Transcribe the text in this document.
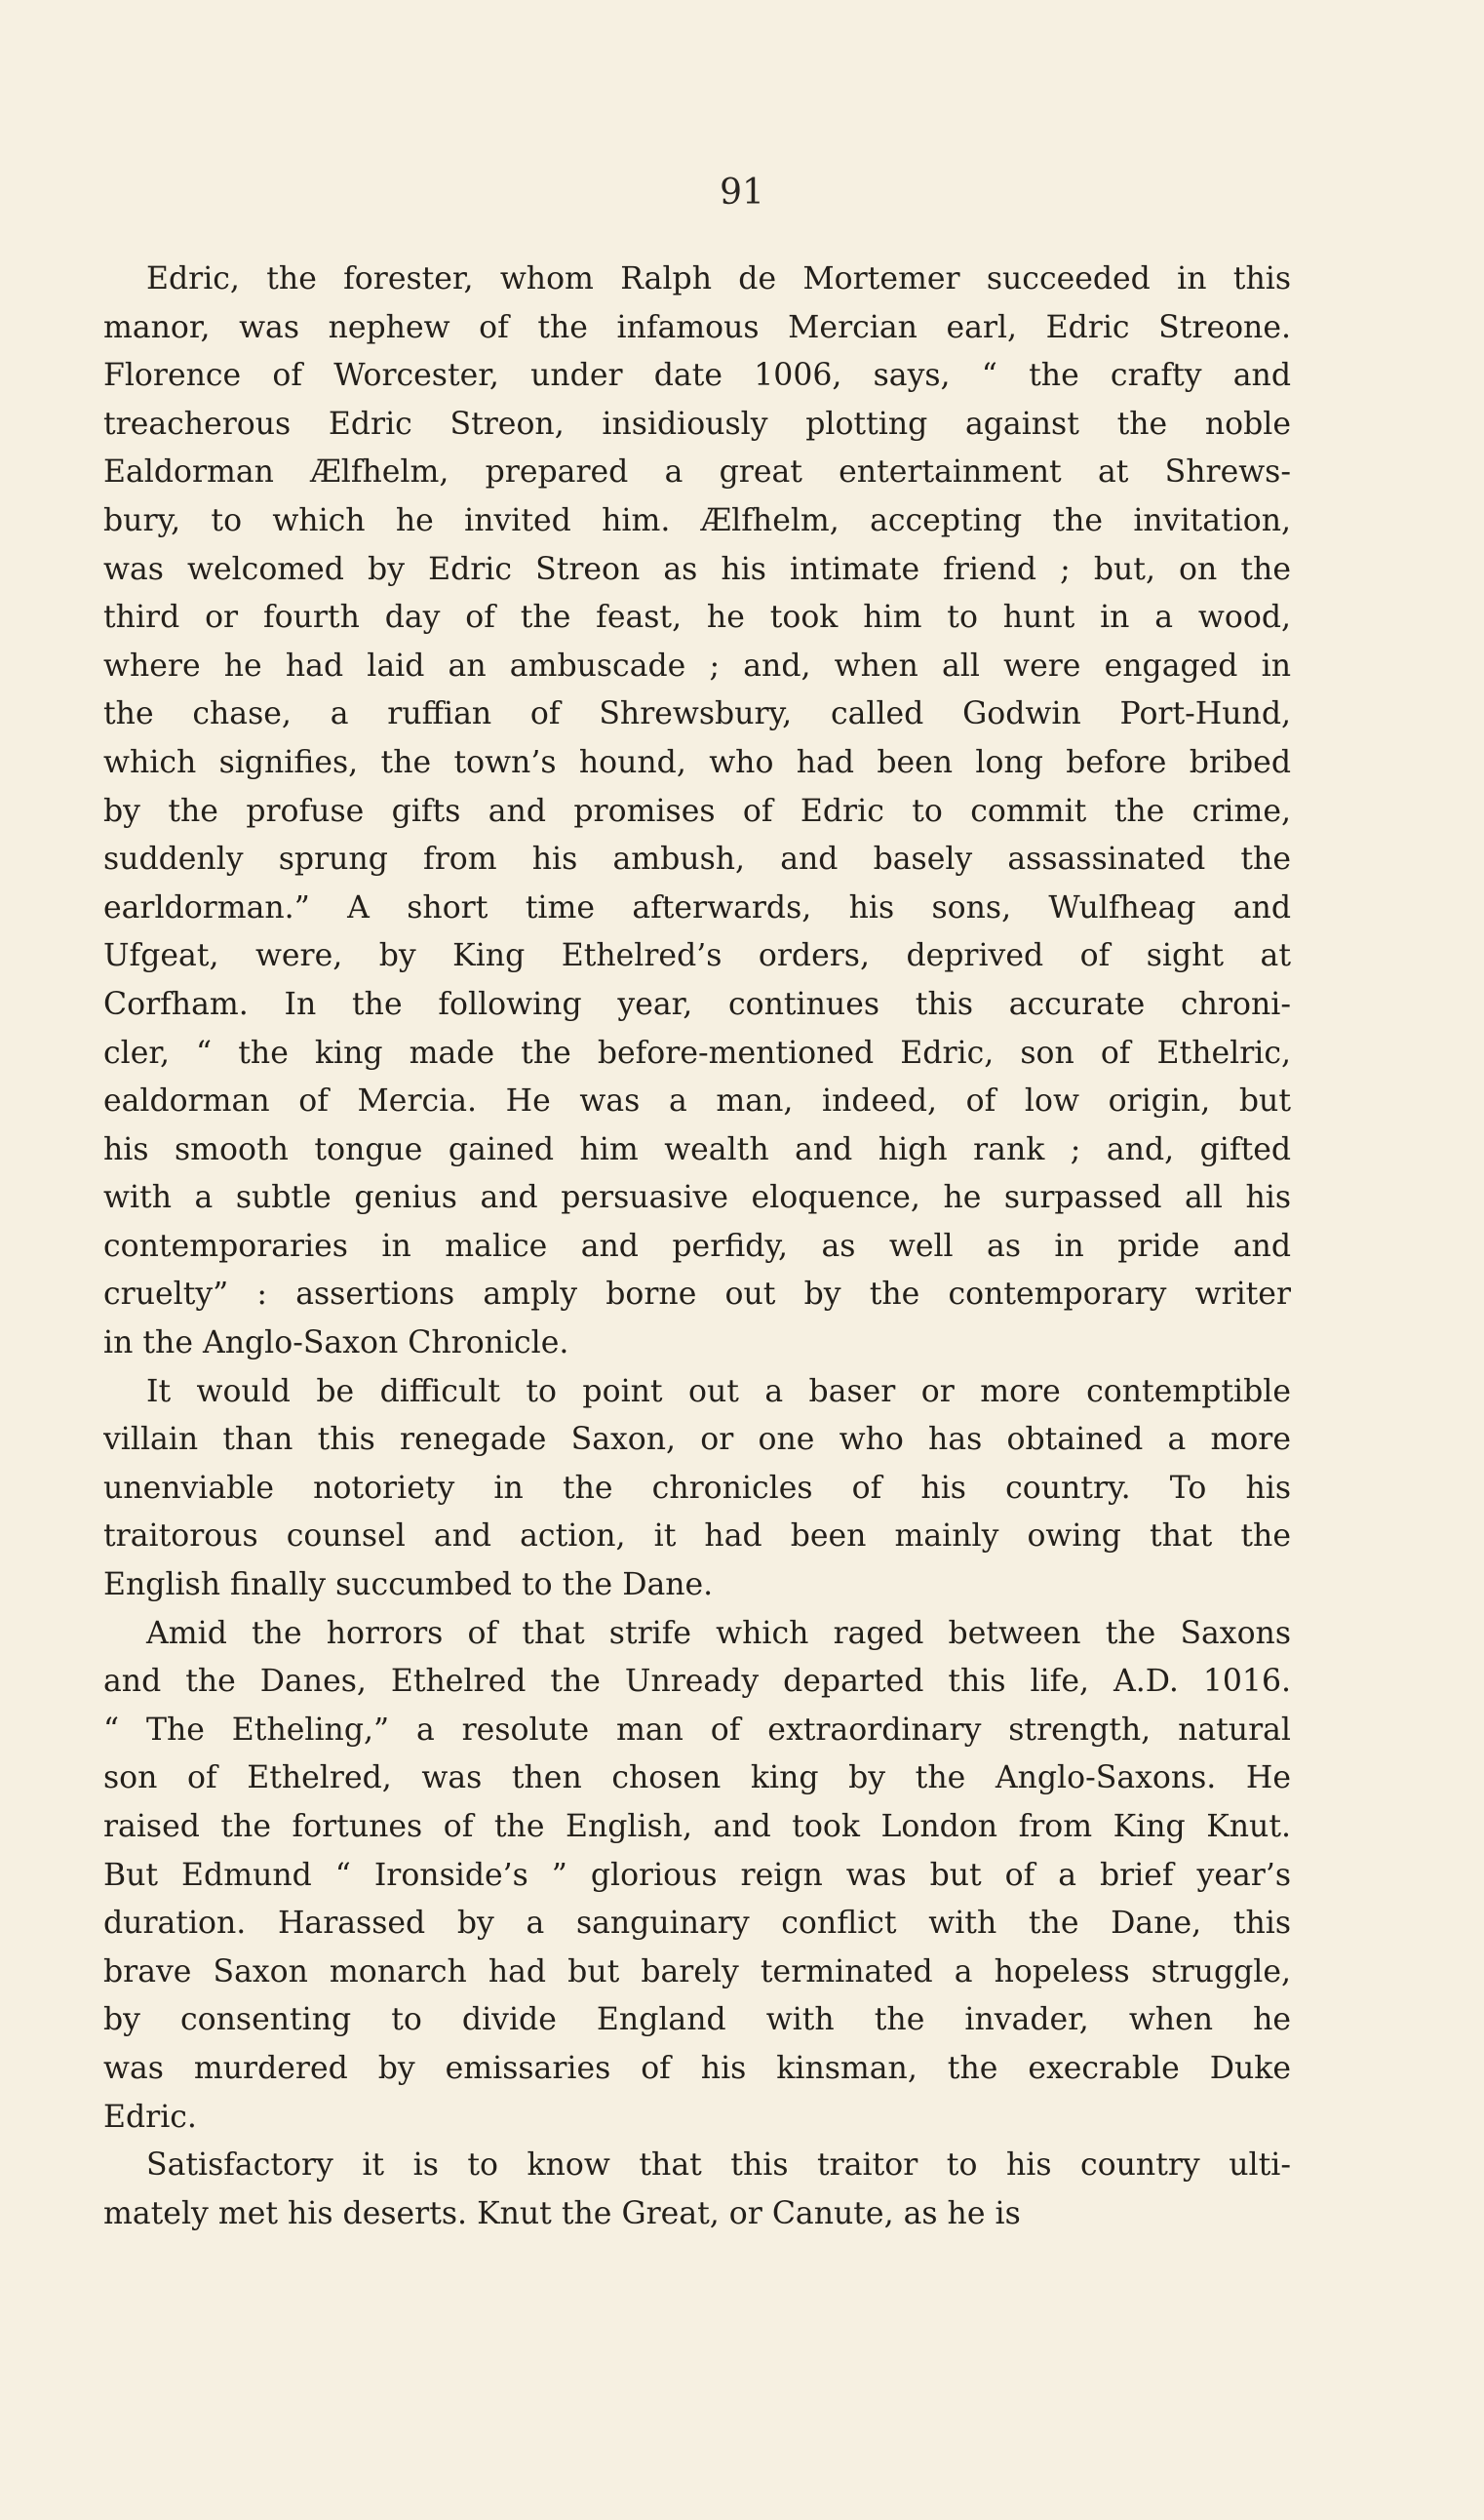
91
Edric, the forester, whom Ralph de Mortemer succeeded in this
manor, was nephew of the infamous Mercian earl, Edric Streone.
Florence of Worcester, under date 1006, says, “ the crafty and
treacherous Edric Streon, insidiously plotting against the noble
Ealdorman Ælfhelm, prepared a great entertainment at Shrews-
bury, to which he invited him. Ælfhelm, accepting the invitation,
was welcomed by Edric Streon as his intimate friend ; but, on the
third or fourth day of the feast, he took him to hunt in a wood,
where he had laid an ambuscade ; and, when all were engaged in
the chase, a ruffian of Shrewsbury, called Godwin Port-Hund,
which signifies, the town’s hound, who had been long before bribed
by the profuse gifts and promises of Edric to commit the crime,
suddenly sprung from his ambush, and basely assassinated the
earldorman.” A short time afterwards, his sons, Wulfheag and
Ufgeat, were, by King Ethelred’s orders, deprived of sight at
Corfham. In the following year, continues this accurate chroni-
cler, “ the king made the before-mentioned Edric, son of Ethelric,
ealdorman of Mercia. He was a man, indeed, of low origin, but
his smooth tongue gained him wealth and high rank ; and, gifted
with a subtle genius and persuasive eloquence, he surpassed all his
contemporaries in malice and perfidy, as well as in pride and
cruelty” : assertions amply borne out by the contemporary writer
in the Anglo-Saxon Chronicle.
It would be difficult to point out a baser or more contemptible
villain than this renegade Saxon, or one who has obtained a more
unenviable notoriety in the chronicles of his country. To his
traitorous counsel and action, it had been mainly owing that the
English finally succumbed to the Dane.
Amid the horrors of that strife which raged between the Saxons
and the Danes, Ethelred the Unready departed this life, A.D. 1016.
“ The Etheling,” a resolute man of extraordinary strength, natural
son of Ethelred, was then chosen king by the Anglo-Saxons. He
raised the fortunes of the English, and took London from King Knut.
But Edmund “ Ironside’s ” glorious reign was but of a brief year’s
duration. Harassed by a sanguinary conflict with the Dane, this
brave Saxon monarch had but barely terminated a hopeless struggle,
by consenting to divide England with the invader, when he
was murdered by emissaries of his kinsman, the execrable Duke
Edric.
Satisfactory it is to know that this traitor to his country ulti-
mately met his deserts. Knut the Great, or Canute, as he is
